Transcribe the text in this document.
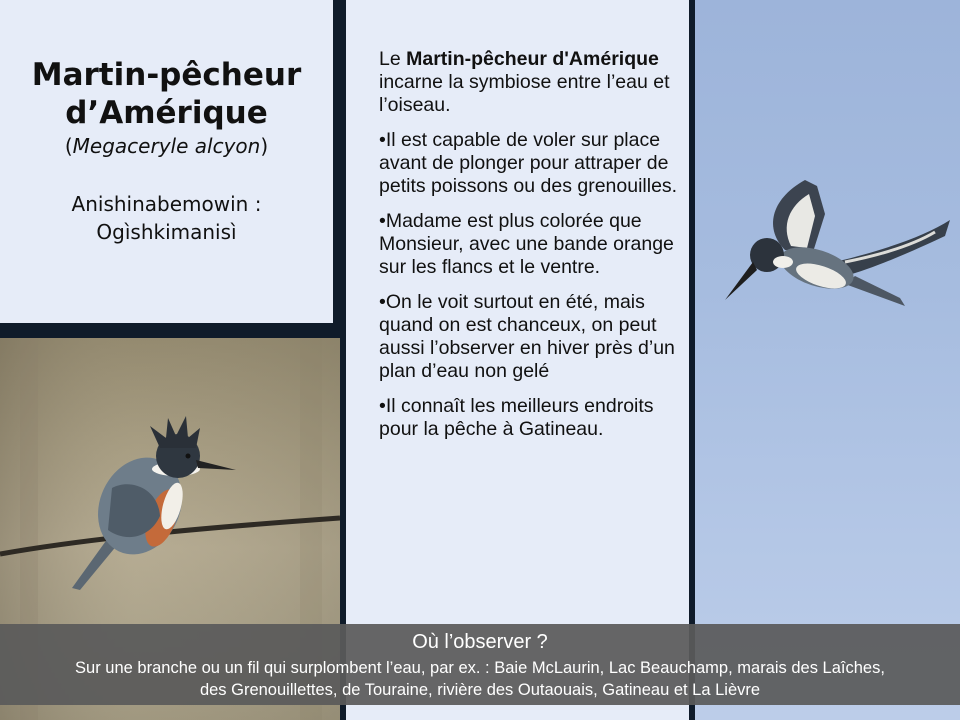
Martin-pêcheur d’Amérique
(Megaceryle alcyon)
Anishinabemowin :
Ogìshkimanisì

Le Martin-pêcheur d'Amérique incarne la symbiose entre l’eau et l’oiseau.

•Il est capable de voler sur place avant de plonger pour attraper de petits poissons ou des grenouilles.

•Madame est plus colorée que Monsieur, avec une bande orange sur les flancs et le ventre.

•On le voit surtout en été, mais quand on est chanceux, on peut aussi l’observer en hiver près d’un plan d’eau non gelé

•Il connaît les meilleurs endroits pour la pêche à Gatineau.

Où l’observer ?
Sur une branche ou un fil qui surplombent l’eau, par ex. : Baie McLaurin, Lac Beauchamp, marais des Laîches,
des Grenouillettes, de Touraine, rivière des Outaouais, Gatineau et La Lièvre
